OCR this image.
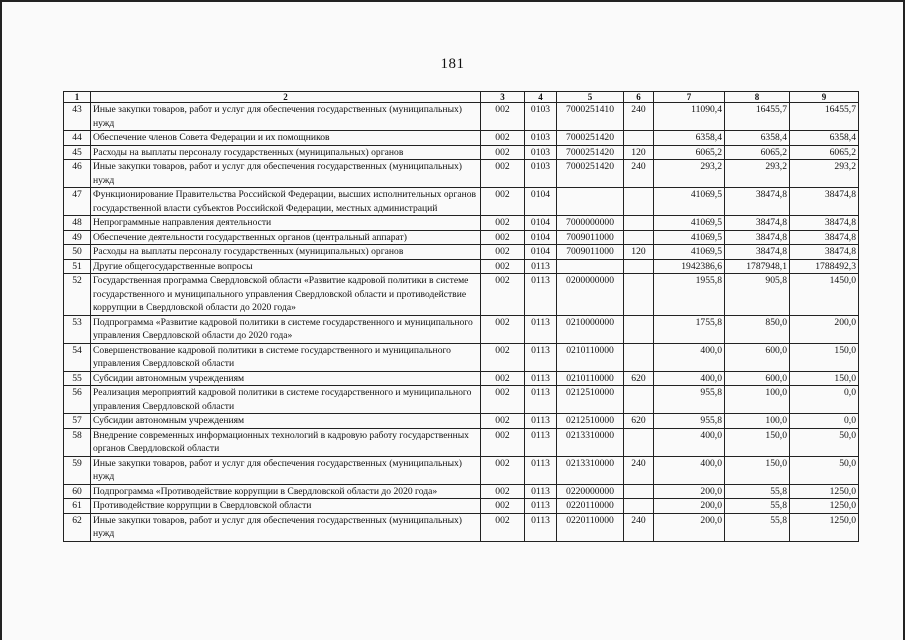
181
1	2	3	4	5	6	7	8	9
43	Иные закупки товаров, работ и услуг для обеспечения государственных (муниципальных) нужд	002	0103	7000251410	240	11090,4	16455,7	16455,7
44	Обеспечение членов Совета Федерации и их помощников	002	0103	7000251420		6358,4	6358,4	6358,4
45	Расходы на выплаты персоналу государственных (муниципальных) органов	002	0103	7000251420	120	6065,2	6065,2	6065,2
46	Иные закупки товаров, работ и услуг для обеспечения государственных (муниципальных) нужд	002	0103	7000251420	240	293,2	293,2	293,2
47	Функционирование Правительства Российской Федерации, высших исполнительных органов государственной власти субъектов Российской Федерации, местных администраций	002	0104			41069,5	38474,8	38474,8
48	Непрограммные направления деятельности	002	0104	7000000000		41069,5	38474,8	38474,8
49	Обеспечение деятельности государственных органов (центральный аппарат)	002	0104	7009011000		41069,5	38474,8	38474,8
50	Расходы на выплаты персоналу государственных (муниципальных) органов	002	0104	7009011000	120	41069,5	38474,8	38474,8
51	Другие общегосударственные вопросы	002	0113			1942386,6	1787948,1	1788492,3
52	Государственная программа Свердловской области «Развитие кадровой политики в системе государственного и муниципального управления Свердловской области и противодействие коррупции в Свердловской области до 2020 года»	002	0113	0200000000		1955,8	905,8	1450,0
53	Подпрограмма «Развитие кадровой политики в системе государственного и муниципального управления Свердловской области до 2020 года»	002	0113	0210000000		1755,8	850,0	200,0
54	Совершенствование кадровой политики в системе государственного и муниципального управления Свердловской области	002	0113	0210110000		400,0	600,0	150,0
55	Субсидии автономным учреждениям	002	0113	0210110000	620	400,0	600,0	150,0
56	Реализация мероприятий кадровой политики в системе государственного и муниципального управления Свердловской области	002	0113	0212510000		955,8	100,0	0,0
57	Субсидии автономным учреждениям	002	0113	0212510000	620	955,8	100,0	0,0
58	Внедрение современных информационных технологий в кадровую работу государственных органов Свердловской области	002	0113	0213310000		400,0	150,0	50,0
59	Иные закупки товаров, работ и услуг для обеспечения государственных (муниципальных) нужд	002	0113	0213310000	240	400,0	150,0	50,0
60	Подпрограмма «Противодействие коррупции в Свердловской области до 2020 года»	002	0113	0220000000		200,0	55,8	1250,0
61	Противодействие коррупции в Свердловской области	002	0113	0220110000		200,0	55,8	1250,0
62	Иные закупки товаров, работ и услуг для обеспечения государственных (муниципальных) нужд	002	0113	0220110000	240	200,0	55,8	1250,0
